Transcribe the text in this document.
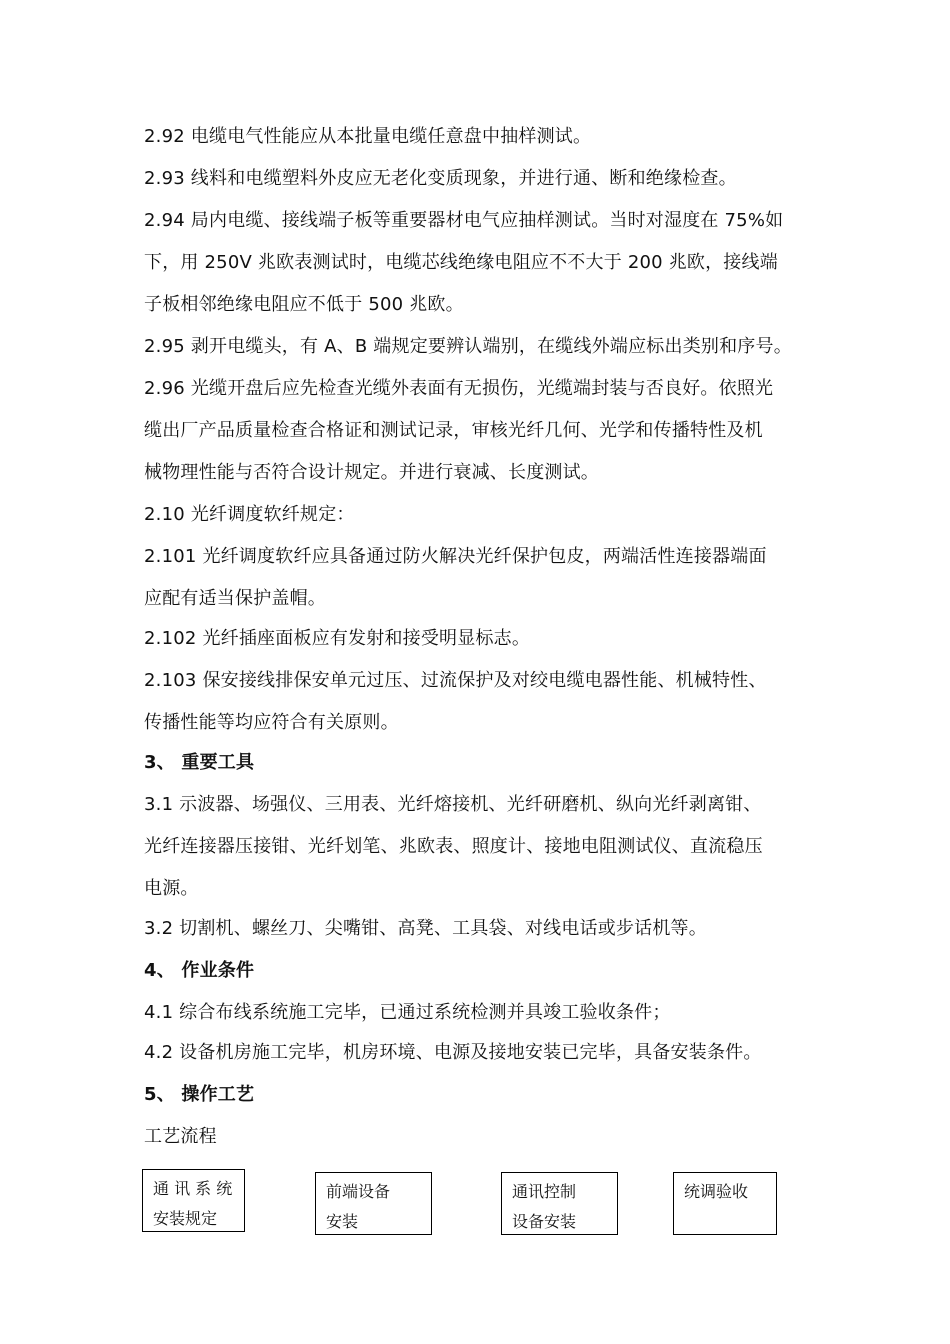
2.92 电缆电气性能应从本批量电缆任意盘中抽样测试。
2.93 线料和电缆塑料外皮应无老化变质现象，并进行通、断和绝缘检查。
2.94 局内电缆、接线端子板等重要器材电气应抽样测试。当时对湿度在 75%如
下，用 250V 兆欧表测试时，电缆芯线绝缘电阻应不不大于 200 兆欧，接线端
子板相邻绝缘电阻应不低于 500 兆欧。
2.95 剥开电缆头，有 A、B 端规定要辨认端别，在缆线外端应标出类别和序号。
2.96 光缆开盘后应先检查光缆外表面有无损伤，光缆端封装与否良好。依照光
缆出厂产品质量检查合格证和测试记录，审核光纤几何、光学和传播特性及机
械物理性能与否符合设计规定。并进行衰减、长度测试。
2.10 光纤调度软纤规定：
2.101 光纤调度软纤应具备通过防火解决光纤保护包皮，两端活性连接器端面
应配有适当保护盖帽。
2.102 光纤插座面板应有发射和接受明显标志。
2.103 保安接线排保安单元过压、过流保护及对绞电缆电器性能、机械特性、
传播性能等均应符合有关原则。
3、 重要工具
3.1 示波器、场强仪、三用表、光纤熔接机、光纤研磨机、纵向光纤剥离钳、
光纤连接器压接钳、光纤划笔、兆欧表、照度计、接地电阻测试仪、直流稳压
电源。
3.2 切割机、螺丝刀、尖嘴钳、高凳、工具袋、对线电话或步话机等。
4、 作业条件
4.1 综合布线系统施工完毕，已通过系统检测并具竣工验收条件；
4.2 设备机房施工完毕，机房环境、电源及接地安装已完毕，具备安装条件。
5、 操作工艺
工艺流程
通 讯 系 统
安装规定
前端设备
安装
通讯控制
设备安装
统调验收
